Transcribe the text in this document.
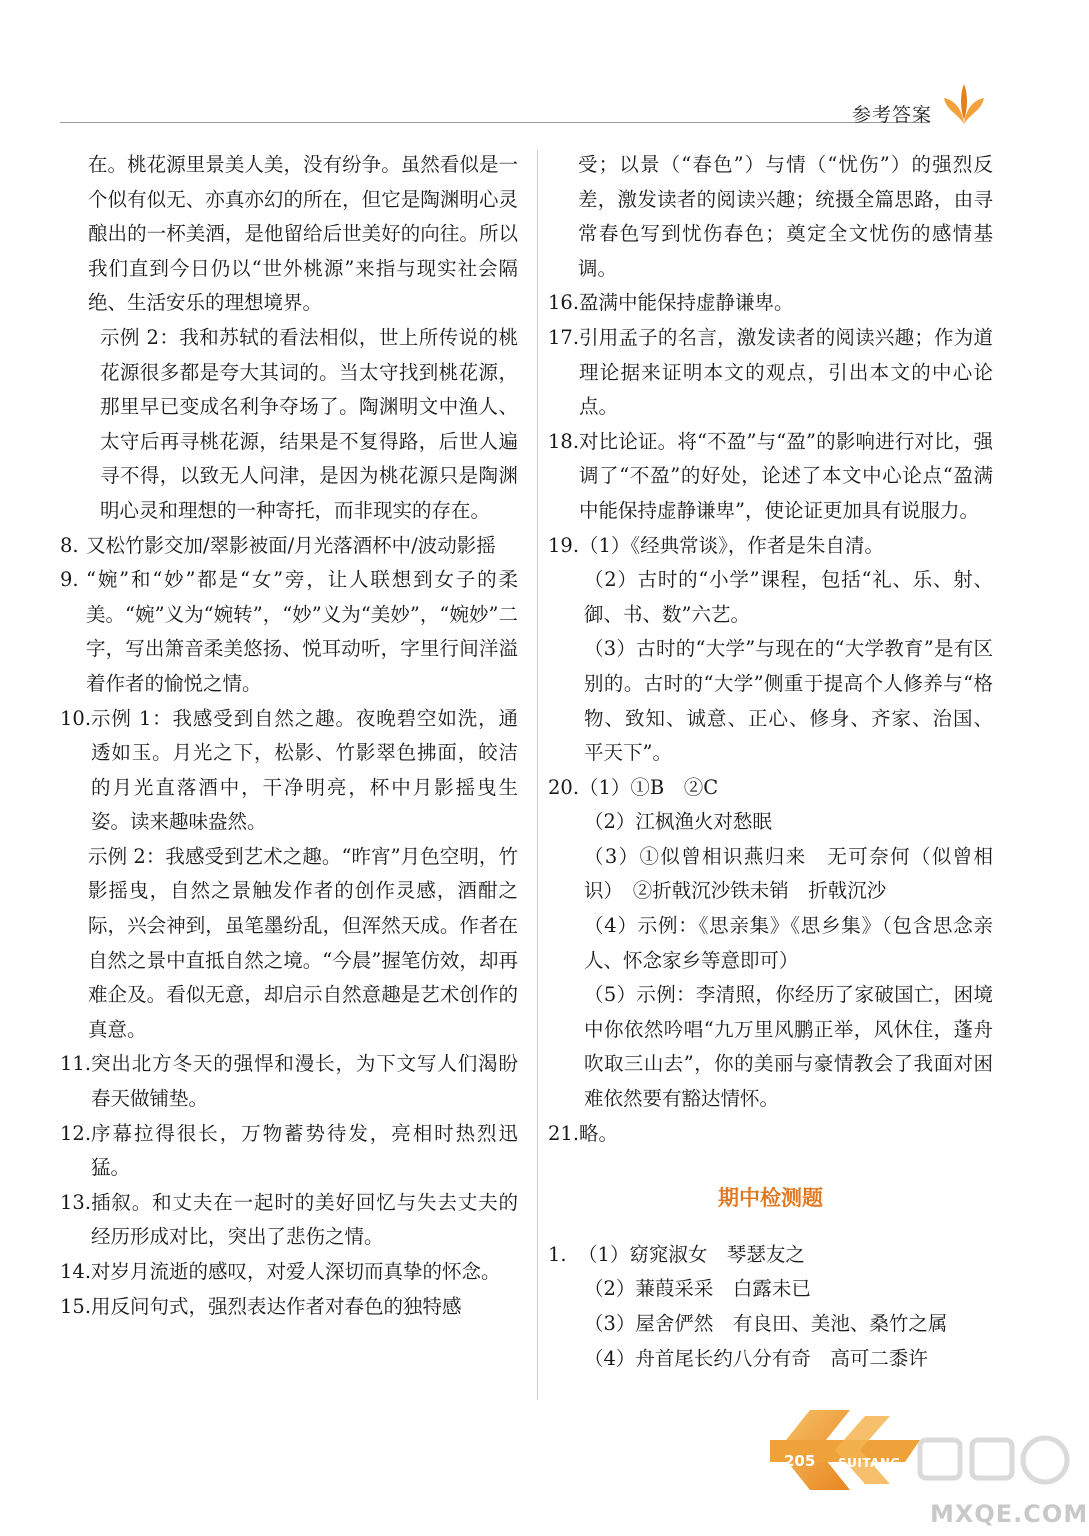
参考答案
在。桃花源里景美人美，没有纷争。虽然看似是一个似有似无、亦真亦幻的所在，但它是陶渊明心灵酿出的一杯美酒，是他留给后世美好的向往。所以我们直到今日仍以“世外桃源”来指与现实社会隔绝、生活安乐的理想境界。
示例 2：我和苏轼的看法相似，世上所传说的桃花源很多都是夸大其词的。当太守找到桃花源，那里早已变成名利争夺场了。陶渊明文中渔人、太守后再寻桃花源，结果是不复得路，后世人遍寻不得，以致无人问津，是因为桃花源只是陶渊明心灵和理想的一种寄托，而非现实的存在。
8. 又松竹影交加/翠影被面/月光落酒杯中/波动影摇
9. “婉”和“妙”都是“女”旁，让人联想到女子的柔美。“婉”义为“婉转”，“妙”义为“美妙”，“婉妙”二字，写出箫音柔美悠扬、悦耳动听，字里行间洋溢着作者的愉悦之情。
10. 示例 1：我感受到自然之趣。夜晚碧空如洗，通透如玉。月光之下，松影、竹影翠色拂面，皎洁的月光直落酒中，干净明亮，杯中月影摇曳生姿。读来趣味盎然。
示例 2：我感受到艺术之趣。“昨宵”月色空明，竹影摇曳，自然之景触发作者的创作灵感，酒酣之际，兴会神到，虽笔墨纷乱，但浑然天成。作者在自然之景中直抵自然之境。“今晨”握笔仿效，却再难企及。看似无意，却启示自然意趣是艺术创作的真意。
11. 突出北方冬天的强悍和漫长，为下文写人们渴盼春天做铺垫。
12. 序幕拉得很长，万物蓄势待发，亮相时热烈迅猛。
13. 插叙。和丈夫在一起时的美好回忆与失去丈夫的经历形成对比，突出了悲伤之情。
14. 对岁月流逝的感叹，对爱人深切而真挚的怀念。
15. 用反问句式，强烈表达作者对春色的独特感
受；以景（“春色”）与情（“忧伤”）的强烈反差，激发读者的阅读兴趣；统摄全篇思路，由寻常春色写到忧伤春色；奠定全文忧伤的感情基调。
16. 盈满中能保持虚静谦卑。
17. 引用孟子的名言，激发读者的阅读兴趣；作为道理论据来证明本文的观点，引出本文的中心论点。
18. 对比论证。将“不盈”与“盈”的影响进行对比，强调了“不盈”的好处，论述了本文中心论点“盈满中能保持虚静谦卑”，使论证更加具有说服力。
19. （1）《经典常谈》，作者是朱自清。
（2）古时的“小学”课程，包括“礼、乐、射、御、书、数”六艺。
（3）古时的“大学”与现在的“大学教育”是有区别的。古时的“大学”侧重于提高个人修养与“格物、致知、诚意、正心、修身、齐家、治国、平天下”。
20. （1）①B　②C
（2）江枫渔火对愁眠
（3）①似曾相识燕归来　无可奈何（似曾相识）　②折戟沉沙铁未销　折戟沉沙
（4）示例：《思亲集》《思乡集》（包含思念亲人、怀念家乡等意即可）
（5）示例：李清照，你经历了家破国亡，困境中你依然吟唱“九万里风鹏正举，风休住，蓬舟吹取三山去”，你的美丽与豪情教会了我面对困难依然要有豁达情怀。
21. 略。
期中检测题
1. （1）窈窕淑女　琴瑟友之
（2）蒹葭采采　白露未已
（3）屋舍俨然　有良田、美池、桑竹之属
（4）舟首尾长约八分有奇　高可二黍许
205 SUITANG
MXQE.COM
